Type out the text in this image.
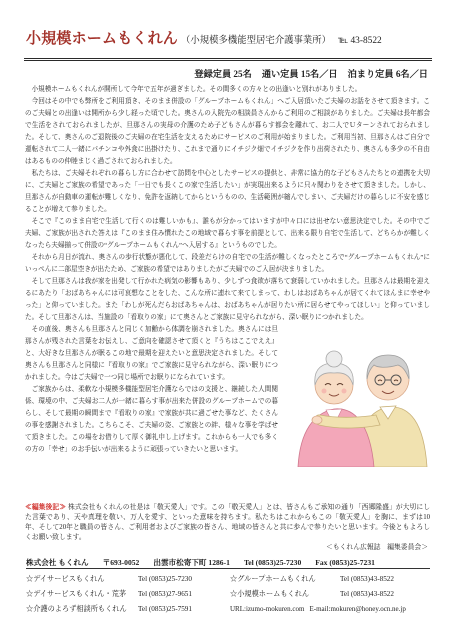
小規模ホームもくれん （小規模多機能型居宅介護事業所） ℡ 43-8522
登録定員 25名 通い定員 15名／日 泊まり定員 6名／日

小規模ホームもくれんが開所して今年で五年が過ぎました。その間多くの方々との出逢いと別れがありました。

今回はその中でも弊所をご利用頂き、そのまま併設の「グループホームもくれん」へご入居頂いたご夫婦のお話をさせて頂きます。このご夫婦との出逢いは開所から少し経った頃でした。奥さんの入院先の相談員さんからご利用のご相談がありました。ご夫婦は長年都会で生活をされておられましたが、旦那さんの実母の介護のため子どもさんが暮らす都会を離れて、お二人でＵターンされておられました。そして、奥さんのご退院後のご夫婦の在宅生活を支えるためにサービスのご利用が始まりました。ご利用当初、旦那さんはご自分で運転されて二人一緒にパチンコや外食に出掛けたり、これまで通りにイチジク畑でイチジクを作り出荷されたり、奥さんも多少の不自由はあるものの仲睦まじく過ごされておられました。

私たちは、ご夫婦それぞれの暮らし方に合わせて訪問を中心としたサービスの提供と、非常に協力的な子どもさんたちとの連携を大切に、ご夫婦とご家族の希望であった「一日でも長くこの家で生活したい」が実現出来るように只々関わりをさせて頂きました。しかし、旦那さんが自動車の運転が難しくなり、免許を返納してからというものの、生活範囲が縮んでしまい、ご夫婦だけの暮らしに不安を感じることが増えて参りました。

そこで『このまま自宅で生活して行くのは難しいかも』、誰もが分かってはいますが中々口には出せない意思決定でした。その中でご夫婦、ご家族が出された答えは『このまま住み慣れたこの地域で暮らす事を前提として、出来る限り自宅で生活して、どちらかが難しくなったら夫婦揃って併設の“グループホームもくれん”へ入居する』というものでした。

それから月日が流れ、奥さんの歩行状態が悪化して、段差だらけの自宅での生活が難しくなったところで“グループホームもくれん”にいっぺんに二部屋空きが出たため、ご家族の希望ではありましたがご夫婦でのご入居が決まりました。

そして旦那さんは我が家を出発して行かれた病気の影響もあり、少しずつ食欲が落ちて衰弱していかれました。旦那さんは最期を迎えるにあたり「おばあちゃんには可哀想なことをした、こんな所に連れて来てしまって、わしはおばあちゃんが居てくれてほんまに幸せやった」と仰っていました。また「わしが死んだらおばあちゃんは、おばあちゃんが居りたい所に居らせてやってほしい」と仰っていました。そして旦那さんは、当施設の「看取りの家」にて奥さんとご家族に見守られながら、深い眠りにつかれました。

その直後、奥さんも旦那さんと同じく加齢から体調を崩されました。奥さんには旦那さんが残された言葉をお伝えし、ご意向を確認させて頂くと『うちはここでええ』と、大好きな旦那さんが眠るこの地で最期を迎えたいと意思決定されました。そして奥さんも旦那さんと同様に『看取りの家』でご家族に見守られながら、深い眠りにつかれました。今はご夫婦で一つ同じ場所でお眠りになられています。

ご家族からは、柔軟な小規模多機能型居宅介護ならではの支援と、継続した人間関係、環境の中、ご夫婦お二人が一緒に暮らす事が出来た併設のグループホームでの暮らし、そして最期の瞬間まで『看取りの家』で家族が共に過ごせた事など、たくさんの事を感謝されました。こちらこそ、ご夫婦の姿、ご家族との絆、様々な事を学ばせて頂きました。この場をお借りして厚く御礼申し上げます。これからも一人でも多くの方の「幸せ」のお手伝いが出来るように頑張っていきたいと思います。

≪編集後記≫ 株式会社もくれんの社是は「敬天愛人」です。この「敬天愛人」とは、皆さんもご承知の通り「西郷隆盛」が大切にした言葉であり、天や真理を敬い、万人を愛す、といった意味を持ちます。私たちはこれからもこの「敬天愛人」を胸に、まずは10年、そして20年と職員の皆さん、ご利用者およびご家族の皆さん、地域の皆さんと共に歩んで参りたいと思います。今後ともよろしくお願い致します。
＜もくれん広報誌　編集委員会＞
株式会社 もくれん 〒693-0052 出雲市松寄下町 1286-1 Tel (0853)25-7230 Fax (0853)25-7231
☆デイサービスもくれん	Tel (0853)25-7230	☆グループホームもくれん	Tel (0853)43-8522
☆デイサービスもくれん・荒茅	Tel (0853)27-9651	☆小規模ホームもくれん	Tel (0853)43-8522
☆介護のよろず相談所もくれん	Tel (0853)25-7591	URL:izumo-mokuren.com E-mail:mokuren@honey.ocn.ne.jp
